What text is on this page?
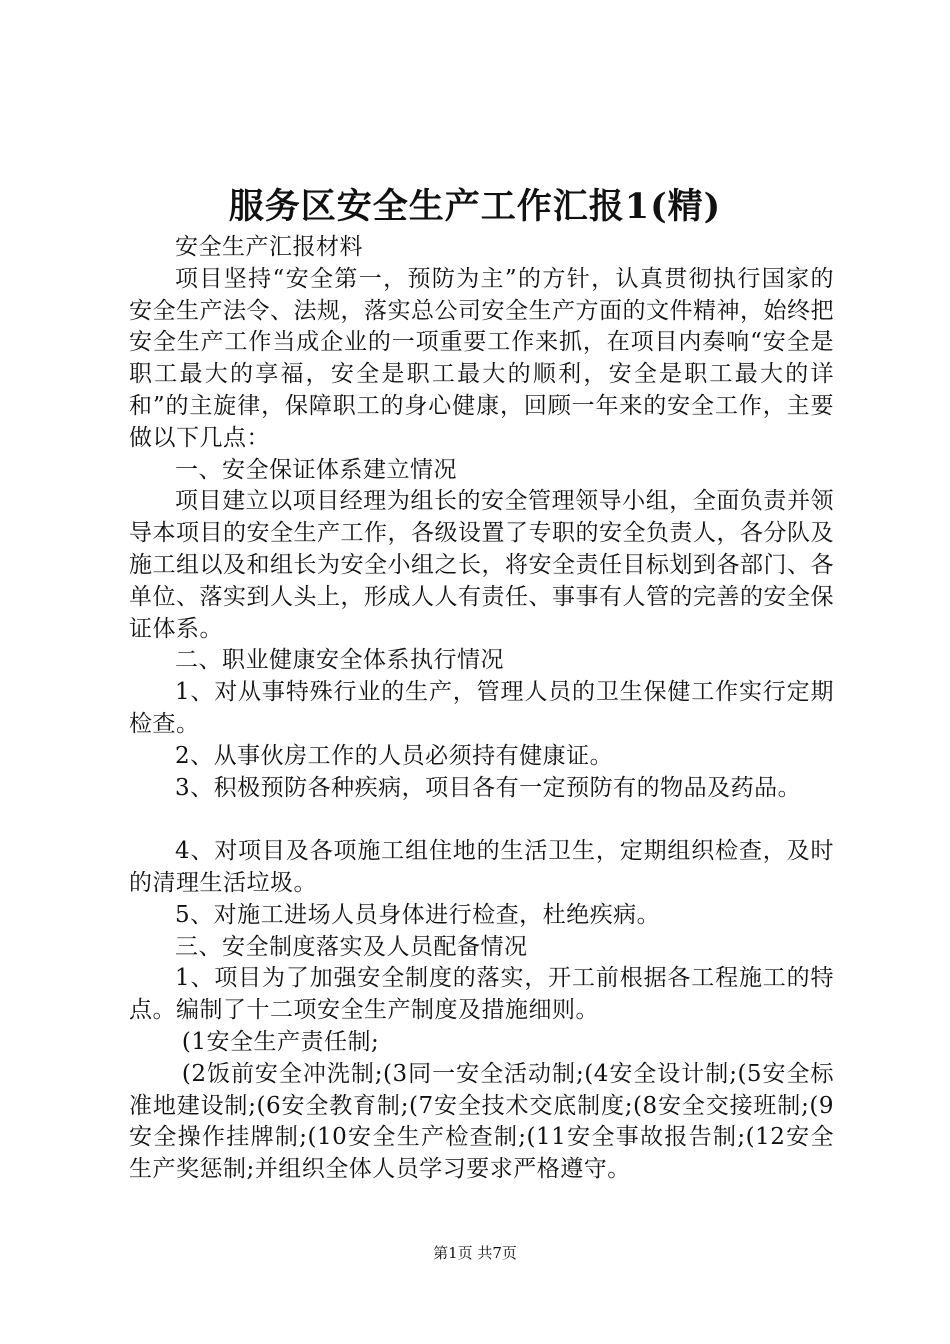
服务区安全生产工作汇报1(精)

安全生产汇报材料

项目坚持“安全第一，预防为主”的方针，认真贯彻执行国家的安全生产法令、法规，落实总公司安全生产方面的文件精神，始终把安全生产工作当成企业的一项重要工作来抓，在项目内奏响“安全是职工最大的享福，安全是职工最大的顺利，安全是职工最大的详和”的主旋律，保障职工的身心健康，回顾一年来的安全工作，主要做以下几点：

一、安全保证体系建立情况

项目建立以项目经理为组长的安全管理领导小组，全面负责并领导本项目的安全生产工作，各级设置了专职的安全负责人，各分队及施工组以及和组长为安全小组之长，将安全责任目标划到各部门、各单位、落实到人头上，形成人人有责任、事事有人管的完善的安全保证体系。

二、职业健康安全体系执行情况

1、对从事特殊行业的生产，管理人员的卫生保健工作实行定期检查。

2、从事伙房工作的人员必须持有健康证。

3、积极预防各种疾病，项目各有一定预防有的物品及药品。

4、对项目及各项施工组住地的生活卫生，定期组织检查，及时的清理生活垃圾。

5、对施工进场人员身体进行检查，杜绝疾病。

三、安全制度落实及人员配备情况

1、项目为了加强安全制度的落实，开工前根据各工程施工的特点。编制了十二项安全生产制度及措施细则。

(1安全生产责任制;

(2饭前安全冲洗制;(3同一安全活动制;(4安全设计制;(5安全标准地建设制;(6安全教育制;(7安全技术交底制度;(8安全交接班制;(9安全操作挂牌制;(10安全生产检查制;(11安全事故报告制;(12安全生产奖惩制;并组织全体人员学习要求严格遵守。

第1页 共7页
